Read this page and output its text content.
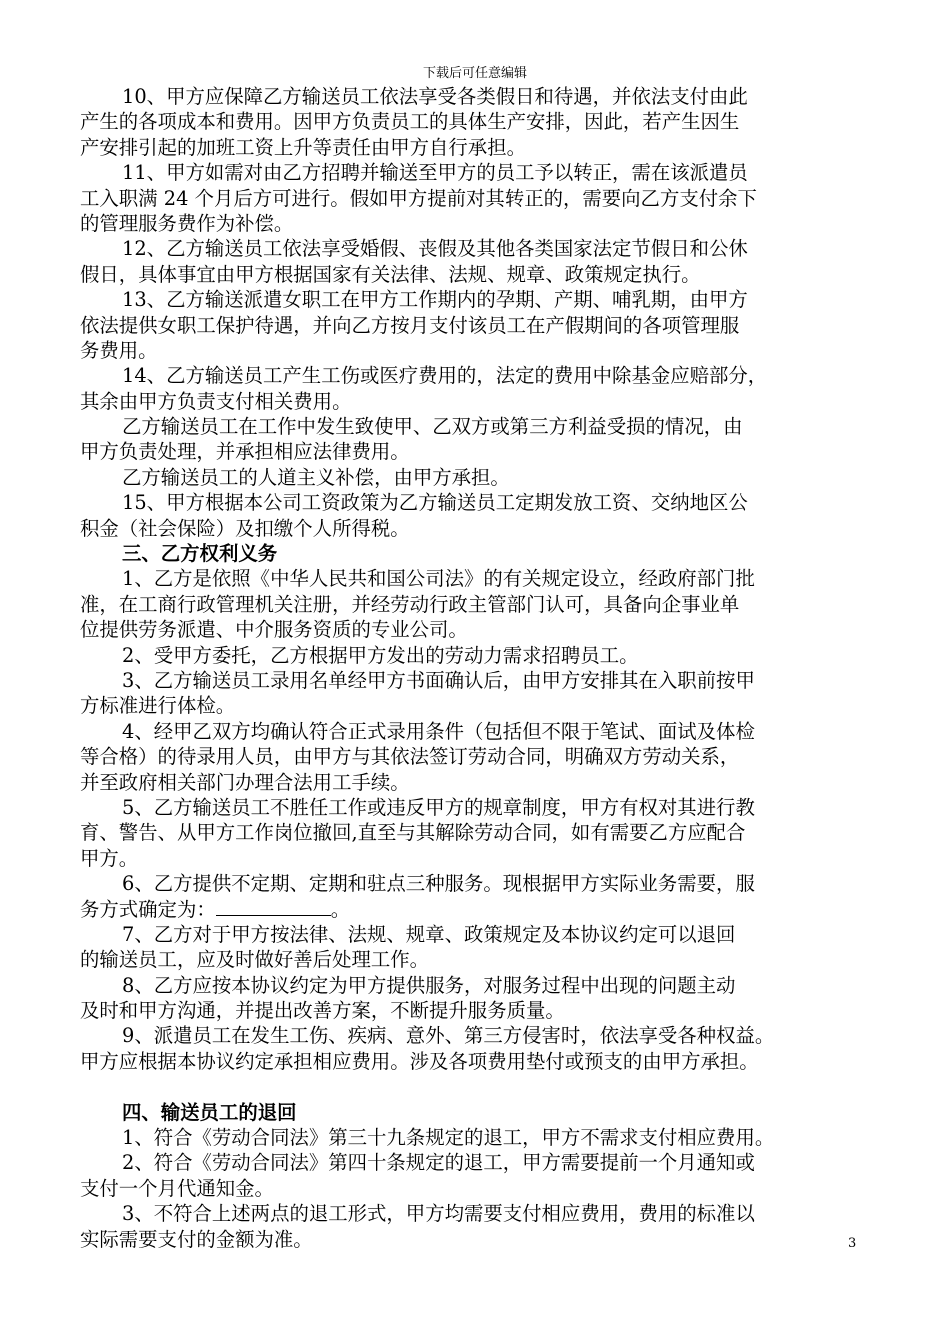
下载后可任意编辑
10、甲方应保障乙方输送员工依法享受各类假日和待遇，并依法支付由此
产生的各项成本和费用。因甲方负责员工的具体生产安排，因此，若产生因生
产安排引起的加班工资上升等责任由甲方自行承担。
11、甲方如需对由乙方招聘并输送至甲方的员工予以转正，需在该派遣员
工入职满 24 个月后方可进行。假如甲方提前对其转正的，需要向乙方支付余下
的管理服务费作为补偿。
12、乙方输送员工依法享受婚假、丧假及其他各类国家法定节假日和公休
假日，具体事宜由甲方根据国家有关法律、法规、规章、政策规定执行。
13、乙方输送派遣女职工在甲方工作期内的孕期、产期、哺乳期，由甲方
依法提供女职工保护待遇，并向乙方按月支付该员工在产假期间的各项管理服
务费用。
14、乙方输送员工产生工伤或医疗费用的，法定的费用中除基金应赔部分，
其余由甲方负责支付相关费用。
乙方输送员工在工作中发生致使甲、乙双方或第三方利益受损的情况，由
甲方负责处理，并承担相应法律费用。
乙方输送员工的人道主义补偿，由甲方承担。
15、甲方根据本公司工资政策为乙方输送员工定期发放工资、交纳地区公
积金（社会保险）及扣缴个人所得税。
三、乙方权利义务
1、乙方是依照《中华人民共和国公司法》的有关规定设立，经政府部门批
准，在工商行政管理机关注册，并经劳动行政主管部门认可，具备向企事业单
位提供劳务派遣、中介服务资质的专业公司。
2、受甲方委托，乙方根据甲方发出的劳动力需求招聘员工。
3、乙方输送员工录用名单经甲方书面确认后，由甲方安排其在入职前按甲
方标准进行体检。
4、经甲乙双方均确认符合正式录用条件（包括但不限于笔试、面试及体检
等合格）的待录用人员，由甲方与其依法签订劳动合同，明确双方劳动关系，
并至政府相关部门办理合法用工手续。
5、乙方输送员工不胜任工作或违反甲方的规章制度，甲方有权对其进行教
育、警告、从甲方工作岗位撤回,直至与其解除劳动合同，如有需要乙方应配合
甲方。
6、乙方提供不定期、定期和驻点三种服务。现根据甲方实际业务需要，服
务方式确定为：	。
7、乙方对于甲方按法律、法规、规章、政策规定及本协议约定可以退回
的输送员工，应及时做好善后处理工作。
8、乙方应按本协议约定为甲方提供服务，对服务过程中出现的问题主动
及时和甲方沟通，并提出改善方案，不断提升服务质量。
9、派遣员工在发生工伤、疾病、意外、第三方侵害时，依法享受各种权益。
甲方应根据本协议约定承担相应费用。涉及各项费用垫付或预支的由甲方承担。
四、输送员工的退回
1、符合《劳动合同法》第三十九条规定的退工，甲方不需求支付相应费用。
2、符合《劳动合同法》第四十条规定的退工，甲方需要提前一个月通知或
支付一个月代通知金。
3、不符合上述两点的退工形式，甲方均需要支付相应费用，费用的标准以
实际需要支付的金额为准。	3
